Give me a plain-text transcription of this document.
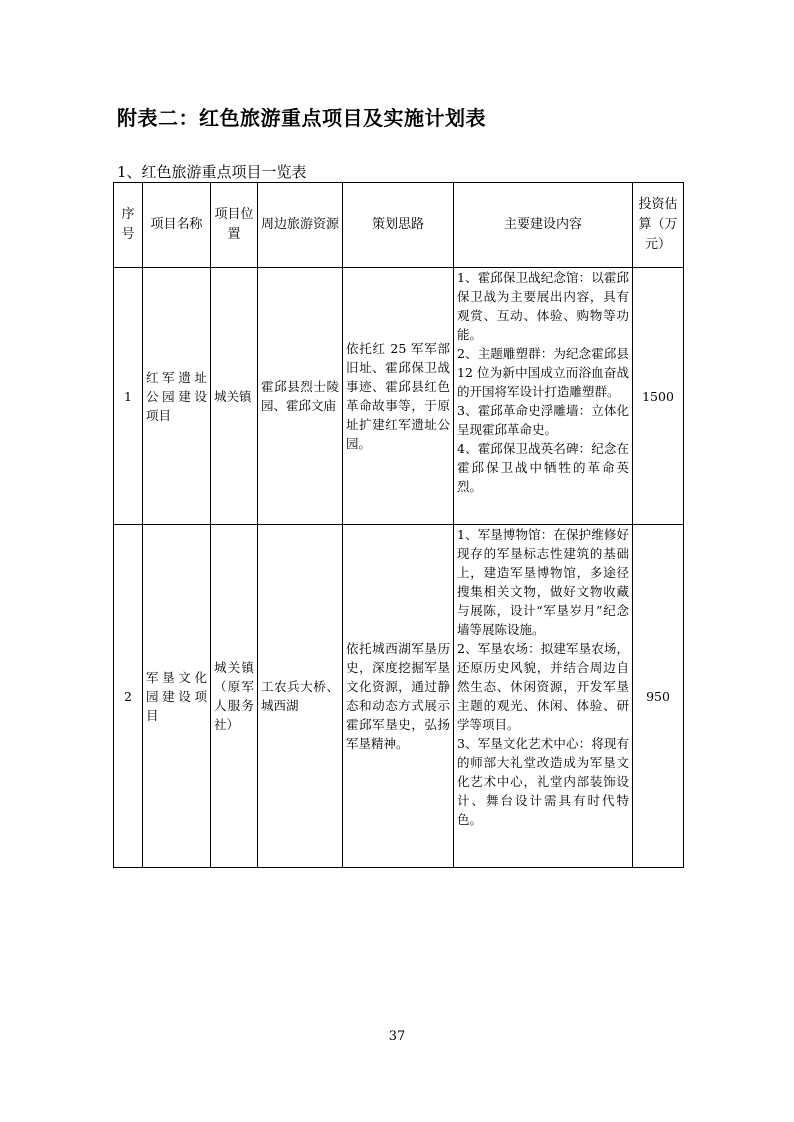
附表二：红色旅游重点项目及实施计划表
1、红色旅游重点项目一览表
序号	项目名称	项目位置	周边旅游资源	策划思路	主要建设内容	投资估算（万元）
1	红军遗址公园建设项目	城关镇	霍邱县烈士陵园、霍邱文庙	依托红 25 军军部旧址、霍邱保卫战事迹、霍邱县红色革命故事等，于原址扩建红军遗址公园。	1、霍邱保卫战纪念馆：以霍邱保卫战为主要展出内容，具有观赏、互动、体验、购物等功能。
2、主题雕塑群：为纪念霍邱县 12 位为新中国成立而浴血奋战的开国将军设计打造雕塑群。
3、霍邱革命史浮雕墙：立体化呈现霍邱革命史。
4、霍邱保卫战英名碑：纪念在霍邱保卫战中牺牲的革命英烈。	1500
2	军垦文化园建设项目	城关镇（原军人服务社）	工农兵大桥、城西湖	依托城西湖军垦历史，深度挖掘军垦文化资源，通过静态和动态方式展示霍邱军垦史，弘扬军垦精神。	1、军垦博物馆：在保护维修好现存的军垦标志性建筑的基础上，建造军垦博物馆，多途径搜集相关文物，做好文物收藏与展陈，设计“军垦岁月”纪念墙等展陈设施。
2、军垦农场：拟建军垦农场，还原历史风貌，并结合周边自然生态、休闲资源，开发军垦主题的观光、休闲、体验、研学等项目。
3、军垦文化艺术中心：将现有的师部大礼堂改造成为军垦文化艺术中心，礼堂内部装饰设计、舞台设计需具有时代特色。	950
37
